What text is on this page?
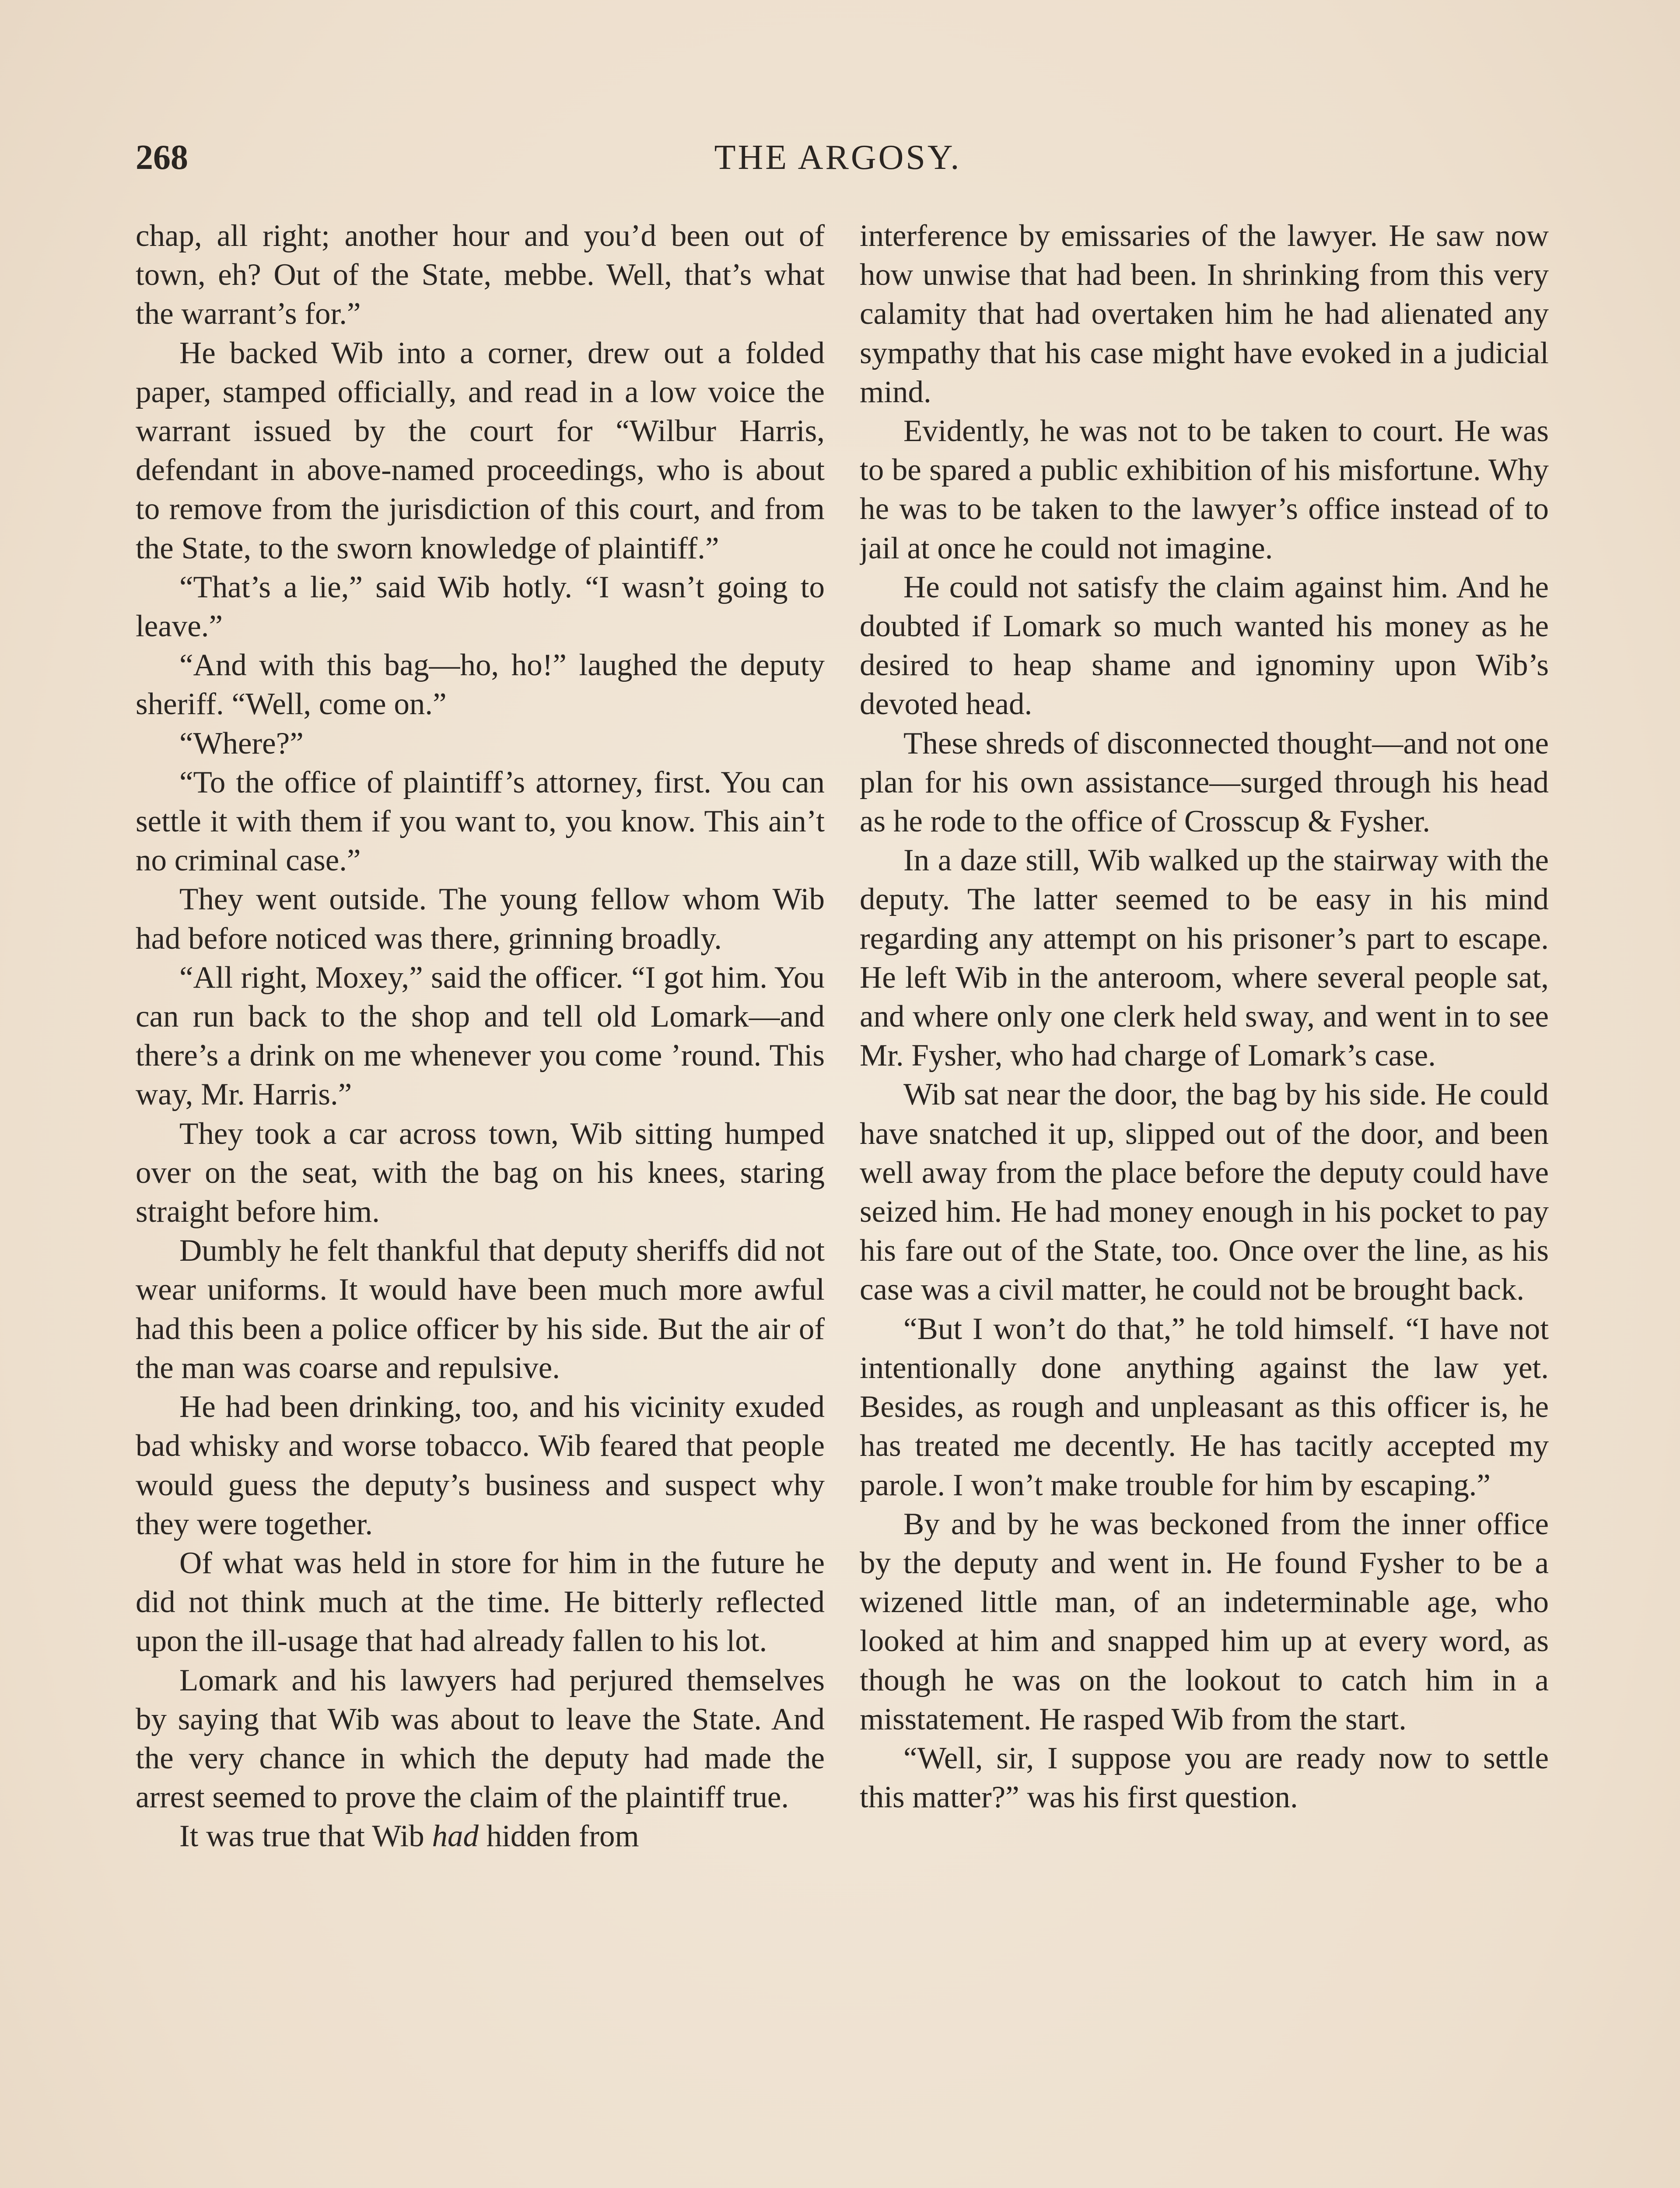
268	THE ARGOSY.

chap, all right; another hour and you’d been out of town, eh? Out of the State, mebbe. Well, that’s what the warrant’s for.”

He backed Wib into a corner, drew out a folded paper, stamped officially, and read in a low voice the warrant issued by the court for “Wilbur Harris, defendant in above-named proceedings, who is about to remove from the jurisdiction of this court, and from the State, to the sworn knowledge of plaintiff.”

“That’s a lie,” said Wib hotly. “I wasn’t going to leave.”

“And with this bag—ho, ho!” laughed the deputy sheriff. “Well, come on.”

“Where?”

“To the office of plaintiff’s attorney, first. You can settle it with them if you want to, you know. This ain’t no criminal case.”

They went outside. The young fellow whom Wib had before noticed was there, grinning broadly.

“All right, Moxey,” said the officer. “I got him. You can run back to the shop and tell old Lomark—and there’s a drink on me whenever you come ’round. This way, Mr. Harris.”

They took a car across town, Wib sitting humped over on the seat, with the bag on his knees, staring straight before him.

Dumbly he felt thankful that deputy sheriffs did not wear uniforms. It would have been much more awful had this been a police officer by his side. But the air of the man was coarse and repulsive.

He had been drinking, too, and his vicinity exuded bad whisky and worse tobacco. Wib feared that people would guess the deputy’s business and suspect why they were together.

Of what was held in store for him in the future he did not think much at the time. He bitterly reflected upon the ill-usage that had already fallen to his lot.

Lomark and his lawyers had perjured themselves by saying that Wib was about to leave the State. And the very chance in which the deputy had made the arrest seemed to prove the claim of the plaintiff true.

It was true that Wib had hidden from

interference by emissaries of the lawyer. He saw now how unwise that had been. In shrinking from this very calamity that had overtaken him he had alienated any sympathy that his case might have evoked in a judicial mind.

Evidently, he was not to be taken to court. He was to be spared a public exhibition of his misfortune. Why he was to be taken to the lawyer’s office instead of to jail at once he could not imagine.

He could not satisfy the claim against him. And he doubted if Lomark so much wanted his money as he desired to heap shame and ignominy upon Wib’s devoted head.

These shreds of disconnected thought—and not one plan for his own assistance—surged through his head as he rode to the office of Crosscup & Fysher.

In a daze still, Wib walked up the stairway with the deputy. The latter seemed to be easy in his mind regarding any attempt on his prisoner’s part to escape. He left Wib in the anteroom, where several people sat, and where only one clerk held sway, and went in to see Mr. Fysher, who had charge of Lomark’s case.

Wib sat near the door, the bag by his side. He could have snatched it up, slipped out of the door, and been well away from the place before the deputy could have seized him. He had money enough in his pocket to pay his fare out of the State, too. Once over the line, as his case was a civil matter, he could not be brought back.

“But I won’t do that,” he told himself. “I have not intentionally done anything against the law yet. Besides, as rough and unpleasant as this officer is, he has treated me decently. He has tacitly accepted my parole. I won’t make trouble for him by escaping.”

By and by he was beckoned from the inner office by the deputy and went in. He found Fysher to be a wizened little man, of an indeterminable age, who looked at him and snapped him up at every word, as though he was on the lookout to catch him in a misstatement. He rasped Wib from the start.

“Well, sir, I suppose you are ready now to settle this matter?” was his first question.
